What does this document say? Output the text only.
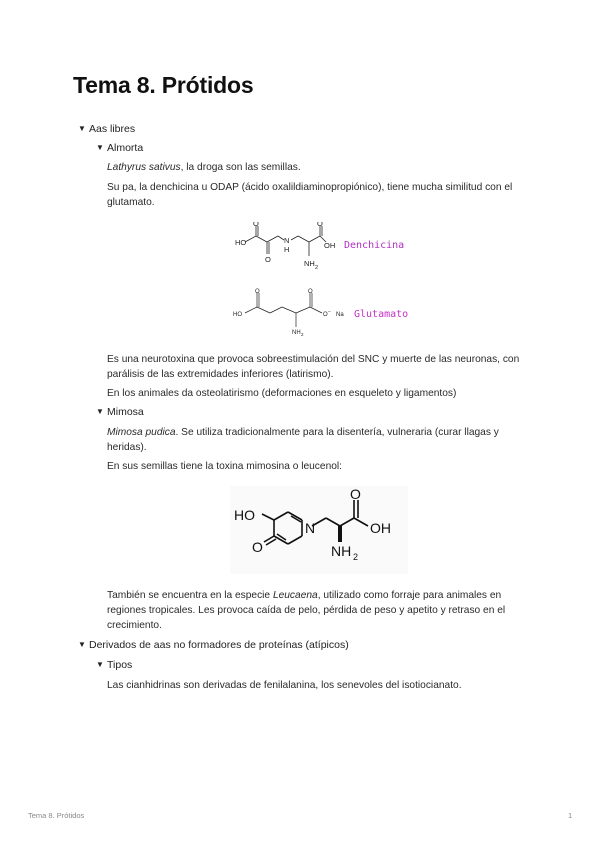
Tema 8. Prótidos
▼ Aas libres
▼ Almorta
Lathyrus sativus, la droga son las semillas.
Su pa, la denchicina u ODAP (ácido oxalildiaminopropiónico), tiene mucha similitud con el glutamato.
HO
O
O
N
H
O
OH
NH 2
Denchicina
HO
O	O
O − Na
NH 2
Glutamato
Es una neurotoxina que provoca sobreestimulación del SNC y muerte de las neuronas, con parálisis de las extremidades inferiores (latirismo).
En los animales da osteolatirismo (deformaciones en esqueleto y ligamentos)
▼ Mimosa
Mimosa pudica. Se utiliza tradicionalmente para la disentería, vulneraria (curar llagas y heridas).
En sus semillas tiene la toxina mimosina o leucenol:
HO
N
O
O
OH
NH 2
También se encuentra en la especie Leucaena, utilizado como forraje para animales en regiones tropicales. Les provoca caída de pelo, pérdida de peso y apetito y retraso en el crecimiento.
▼ Derivados de aas no formadores de proteínas (atípicos)
▼ Tipos
Las cianhidrinas son derivadas de fenilalanina, los senevoles del isotiocianato.
Tema 8. Prótidos	1
